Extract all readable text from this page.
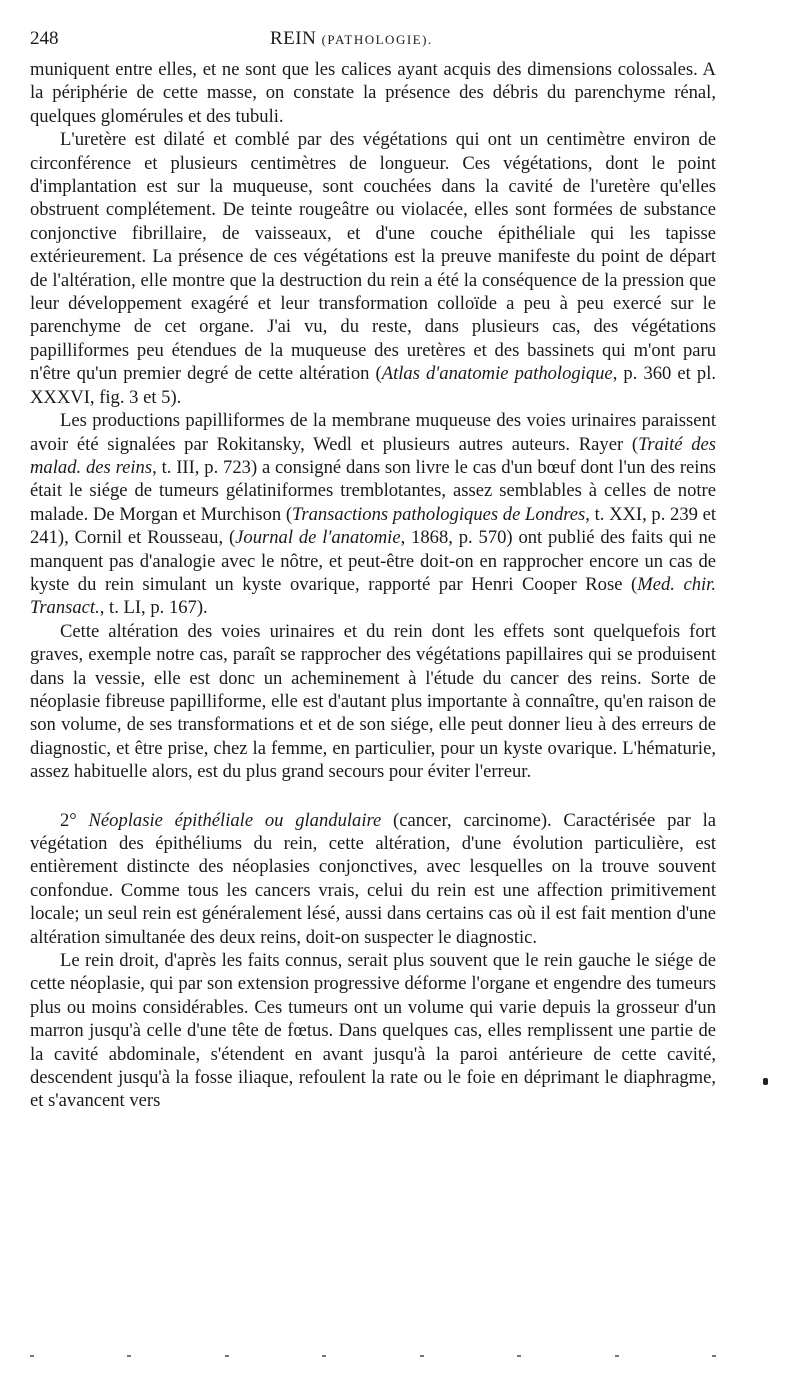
248	REIN (PATHOLOGIE).

muniquent entre elles, et ne sont que les calices ayant acquis des dimensions colossales. A la périphérie de cette masse, on constate la présence des débris du parenchyme rénal, quelques glomérules et des tubuli.

L'uretère est dilaté et comblé par des végétations qui ont un centimètre environ de circonférence et plusieurs centimètres de longueur. Ces végétations, dont le point d'implantation est sur la muqueuse, sont couchées dans la cavité de l'uretère qu'elles obstruent complétement. De teinte rougeâtre ou violacée, elles sont formées de substance conjonctive fibrillaire, de vaisseaux, et d'une couche épithéliale qui les tapisse extérieurement. La présence de ces végétations est la preuve manifeste du point de départ de l'altération, elle montre que la destruction du rein a été la conséquence de la pression que leur développement exagéré et leur transformation colloïde a peu à peu exercé sur le parenchyme de cet organe. J'ai vu, du reste, dans plusieurs cas, des végétations papilliformes peu étendues de la muqueuse des uretères et des bassinets qui m'ont paru n'être qu'un premier degré de cette altération (Atlas d'anatomie pathologique, p. 360 et pl. XXXVI, fig. 3 et 5).

Les productions papilliformes de la membrane muqueuse des voies urinaires paraissent avoir été signalées par Rokitansky, Wedl et plusieurs autres auteurs. Rayer (Traité des malad. des reins, t. III, p. 723) a consigné dans son livre le cas d'un bœuf dont l'un des reins était le siége de tumeurs gélatiniformes tremblotantes, assez semblables à celles de notre malade. De Morgan et Murchison (Transactions pathologiques de Londres, t. XXI, p. 239 et 241), Cornil et Rousseau, (Journal de l'anatomie, 1868, p. 570) ont publié des faits qui ne manquent pas d'analogie avec le nôtre, et peut-être doit-on en rapprocher encore un cas de kyste du rein simulant un kyste ovarique, rapporté par Henri Cooper Rose (Med. chir. Transact., t. LI, p. 167).

Cette altération des voies urinaires et du rein dont les effets sont quelquefois fort graves, exemple notre cas, paraît se rapprocher des végétations papillaires qui se produisent dans la vessie, elle est donc un acheminement à l'étude du cancer des reins. Sorte de néoplasie fibreuse papilliforme, elle est d'autant plus importante à connaître, qu'en raison de son volume, de ses transformations et et de son siége, elle peut donner lieu à des erreurs de diagnostic, et être prise, chez la femme, en particulier, pour un kyste ovarique. L'hématurie, assez habituelle alors, est du plus grand secours pour éviter l'erreur.

2° Néoplasie épithéliale ou glandulaire (cancer, carcinome). Caractérisée par la végétation des épithéliums du rein, cette altération, d'une évolution particulière, est entièrement distincte des néoplasies conjonctives, avec lesquelles on la trouve souvent confondue. Comme tous les cancers vrais, celui du rein est une affection primitivement locale; un seul rein est généralement lésé, aussi dans certains cas où il est fait mention d'une altération simultanée des deux reins, doit-on suspecter le diagnostic.

Le rein droit, d'après les faits connus, serait plus souvent que le rein gauche le siége de cette néoplasie, qui par son extension progressive déforme l'organe et engendre des tumeurs plus ou moins considérables. Ces tumeurs ont un volume qui varie depuis la grosseur d'un marron jusqu'à celle d'une tête de fœtus. Dans quelques cas, elles remplissent une partie de la cavité abdominale, s'étendent en avant jusqu'à la paroi antérieure de cette cavité, descendent jusqu'à la fosse iliaque, refoulent la rate ou le foie en déprimant le diaphragme, et s'avancent vers
